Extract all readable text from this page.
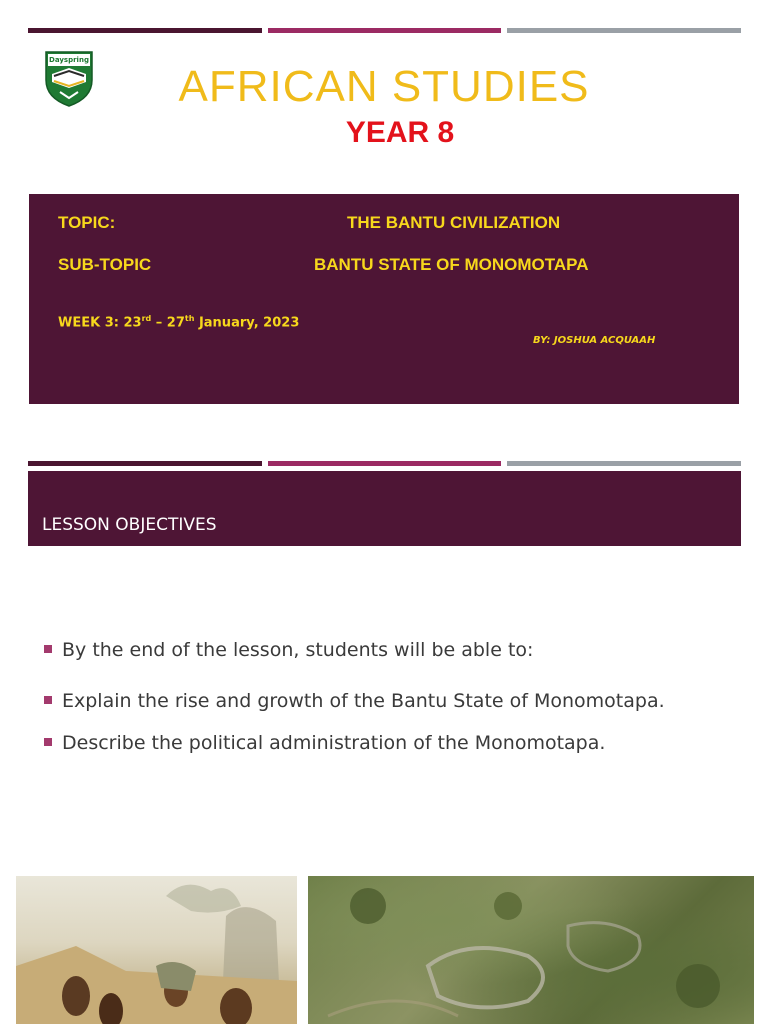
Dayspring
AFRICAN STUDIES
YEAR 8
TOPIC:	THE BANTU CIVILIZATION
SUB-TOPIC	BANTU STATE OF MONOMOTAPA
WEEK 3: 23rd – 27th January, 2023
BY: JOSHUA ACQUAAH
LESSON OBJECTIVES
By the end of the lesson, students will be able to:
Explain the rise and growth of the Bantu State of Monomotapa.
Describe the political administration of the Monomotapa.
